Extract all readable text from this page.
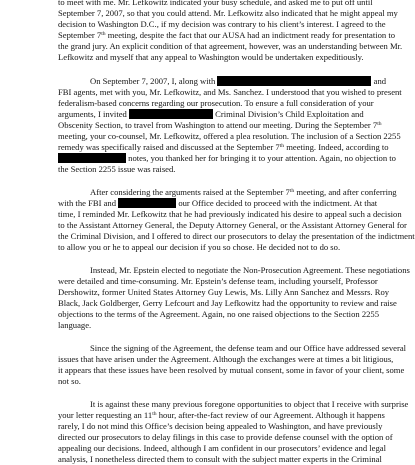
to meet with me. Mr. Lefkowitz indicated your busy schedule, and asked me to put off until

September 7, 2007, so that you could attend. Mr. Lefkowitz also indicated that he might appeal my

decision to Washington D.C., if my decision was contrary to his client’s interest. I agreed to the

September 7th meeting, despite the fact that our AUSA had an indictment ready for presentation to

the grand jury. An explicit condition of that agreement, however, was an understanding between Mr.

Lefkowitz and myself that any appeal to Washington would be undertaken expeditiously.

On September 7, 2007, I, along with	and

FBI agents, met with you, Mr. Lefkowitz, and Ms. Sanchez. I understood that you wished to present

federalism-based concerns regarding our prosecution. To ensure a full consideration of your

arguments, I invited	Criminal Division’s Child Exploitation and

Obscenity Section, to travel from Washington to attend our meeting. During the September 7th

meeting, your co-counsel, Mr. Lefkowitz, offered a plea resolution. The inclusion of a Section 2255

remedy was specifically raised and discussed at the September 7th meeting. Indeed, according to

notes, you thanked her for bringing it to your attention. Again, no objection to

the Section 2255 issue was raised.

After considering the arguments raised at the September 7th meeting, and after conferring

with the FBI and	our Office decided to proceed with the indictment. At that

time, I reminded Mr. Lefkowitz that he had previously indicated his desire to appeal such a decision

to the Assistant Attorney General, the Deputy Attorney General, or the Assistant Attorney General for

the Criminal Division, and I offered to direct our prosecutors to delay the presentation of the indictment

to allow you or he to appeal our decision if you so chose. He decided not to do so.

Instead, Mr. Epstein elected to negotiate the Non-Prosecution Agreement. These negotiations

were detailed and time-consuming. Mr. Epstein’s defense team, including yourself, Professor

Dershowitz, former United States Attorney Guy Lewis, Ms. Lilly Ann Sanchez and Messrs. Roy

Black, Jack Goldberger, Gerry Lefcourt and Jay Lefkowitz had the opportunity to review and raise

objections to the terms of the Agreement. Again, no one raised objections to the Section 2255

language.

Since the signing of the Agreement, the defense team and our Office have addressed several

issues that have arisen under the Agreement. Although the exchanges were at times a bit litigious,

it appears that these issues have been resolved by mutual consent, some in favor of your client, some

not so.

It is against these many previous foregone opportunities to object that I receive with surprise

your letter requesting an 11th hour, after-the-fact review of our Agreement. Although it happens

rarely, I do not mind this Office’s decision being appealed to Washington, and have previously

directed our prosecutors to delay filings in this case to provide defense counsel with the option of

appealing our decisions. Indeed, although I am confident in our prosecutors’ evidence and legal

analysis, I nonetheless directed them to consult with the subject matter experts in the Criminal
